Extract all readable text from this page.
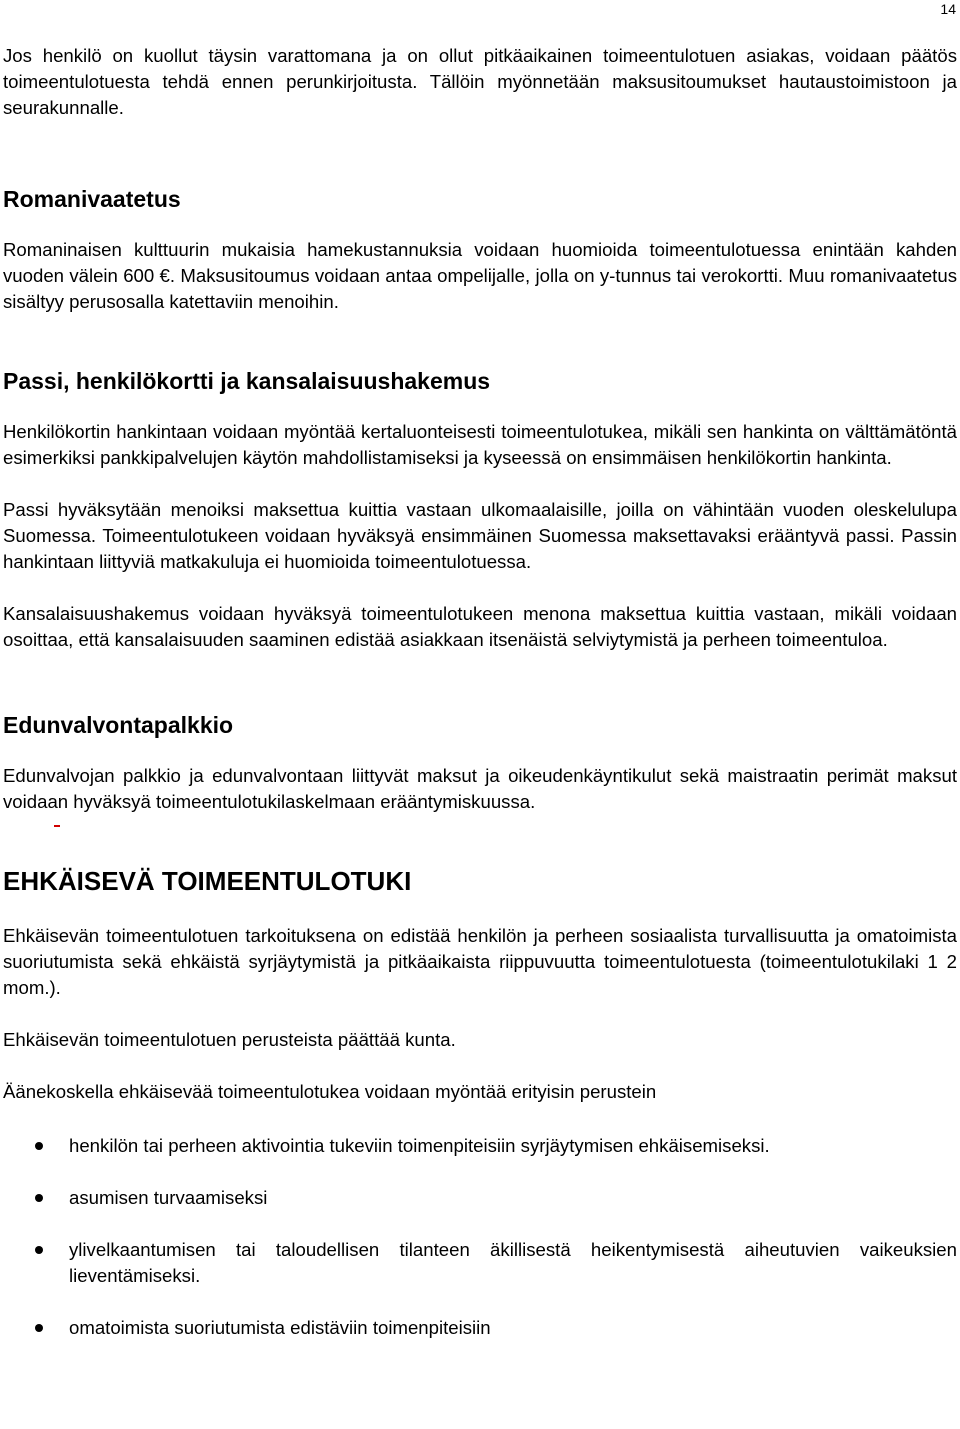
14

Jos henkilö on kuollut täysin varattomana ja on ollut pitkäaikainen toimeentulotuen asiakas, voidaan päätös toimeentulotuesta tehdä ennen perunkirjoitusta. Tällöin myönnetään maksusitoumukset hautaustoimistoon ja seurakunnalle.

Romanivaatetus

Romaninaisen kulttuurin mukaisia hamekustannuksia voidaan huomioida toimeentulotuessa enintään kahden vuoden välein 600 €. Maksusitoumus voidaan antaa ompelijalle, jolla on y-tunnus tai verokortti. Muu romanivaatetus sisältyy perusosalla katettaviin menoihin.

Passi, henkilökortti ja kansalaisuushakemus

Henkilökortin hankintaan voidaan myöntää kertaluonteisesti toimeentulotukea, mikäli sen hankinta on välttämätöntä esimerkiksi pankkipalvelujen käytön mahdollistamiseksi ja kyseessä on ensimmäisen henkilökortin hankinta.

Passi hyväksytään menoiksi maksettua kuittia vastaan ulkomaalaisille, joilla on vähintään vuoden oleskelulupa Suomessa. Toimeentulotukeen voidaan hyväksyä ensimmäinen Suomessa maksettavaksi erääntyvä passi. Passin hankintaan liittyviä matkakuluja ei huomioida toimeentulotuessa.

Kansalaisuushakemus voidaan hyväksyä toimeentulotukeen menona maksettua kuittia vastaan, mikäli voidaan osoittaa, että kansalaisuuden saaminen edistää asiakkaan itsenäistä selviytymistä ja perheen toimeentuloa.

Edunvalvontapalkkio

Edunvalvojan palkkio ja edunvalvontaan liittyvät maksut ja oikeudenkäyntikulut sekä maistraatin perimät maksut voidaan hyväksyä toimeentulotukilaskelmaan erääntymiskuussa.

EHKÄISEVÄ TOIMEENTULOTUKI

Ehkäisevän toimeentulotuen tarkoituksena on edistää henkilön ja perheen sosiaalista turvallisuutta ja omatoimista suoriutumista sekä ehkäistä syrjäytymistä ja pitkäaikaista riippuvuutta toimeentulotuesta (toimeentulotukilaki 1 2 mom.).

Ehkäisevän toimeentulotuen perusteista päättää kunta.

Äänekoskella ehkäisevää toimeentulotukea voidaan myöntää erityisin perustein

henkilön tai perheen aktivointia tukeviin toimenpiteisiin syrjäytymisen ehkäisemiseksi.
asumisen turvaamiseksi
ylivelkaantumisen tai taloudellisen tilanteen äkillisestä heikentymisestä aiheutuvien vaikeuksien lieventämiseksi.
omatoimista suoriutumista edistäviin toimenpiteisiin
